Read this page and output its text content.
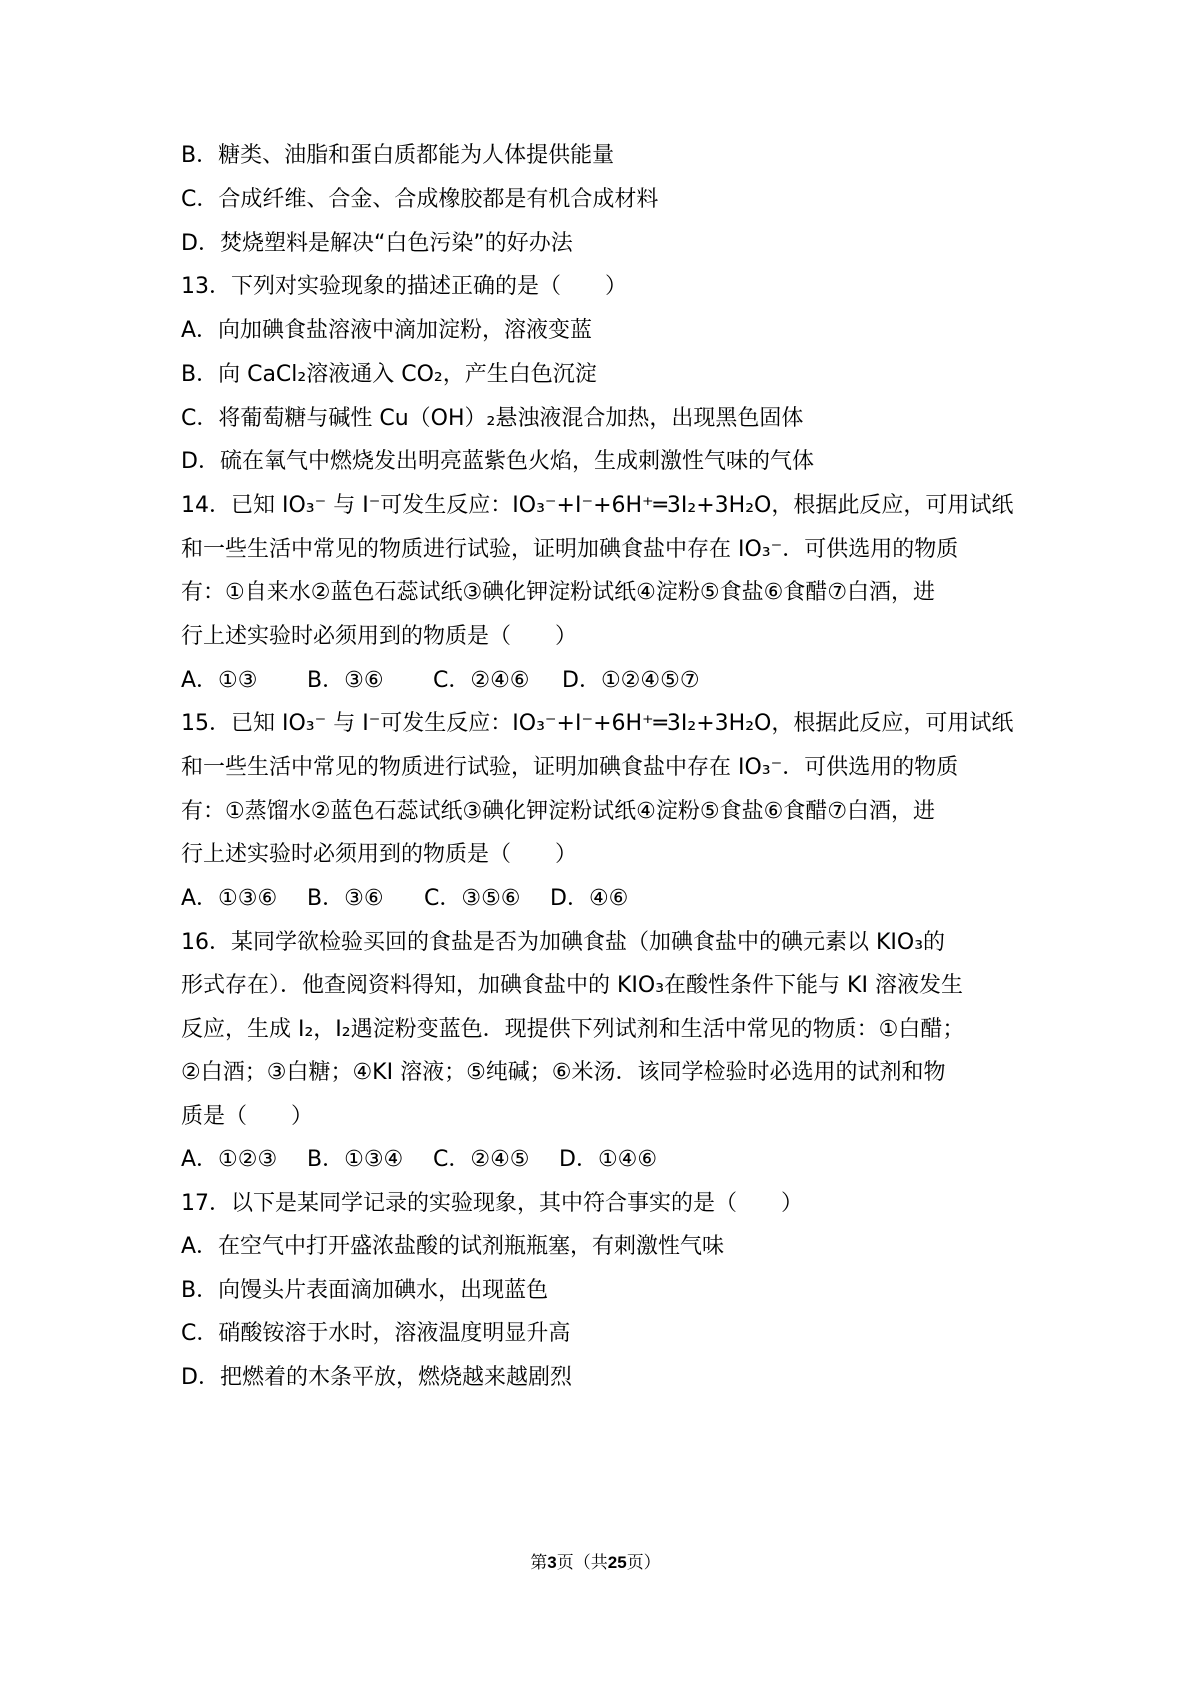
B．糖类、油脂和蛋白质都能为人体提供能量
C．合成纤维、合金、合成橡胶都是有机合成材料
D．焚烧塑料是解决“白色污染”的好办法
13．下列对实验现象的描述正确的是（　　）
A．向加碘食盐溶液中滴加淀粉，溶液变蓝
B．向 CaCl₂溶液通入 CO₂，产生白色沉淀
C．将葡萄糖与碱性 Cu（OH）₂悬浊液混合加热，出现黑色固体
D．硫在氧气中燃烧发出明亮蓝紫色火焰，生成刺激性气味的气体
14．已知 IO₃⁻ 与 I⁻可发生反应：IO₃⁻+I⁻+6H⁺═3I₂+3H₂O，根据此反应，可用试纸
和一些生活中常见的物质进行试验，证明加碘食盐中存在 IO₃⁻．可供选用的物质
有：①自来水②蓝色石蕊试纸③碘化钾淀粉试纸④淀粉⑤食盐⑥食醋⑦白酒，进
行上述实验时必须用到的物质是（　　）
A．①③	B．③⑥	C．②④⑥	D．①②④⑤⑦
15．已知 IO₃⁻ 与 I⁻可发生反应：IO₃⁻+I⁻+6H⁺═3I₂+3H₂O，根据此反应，可用试纸
和一些生活中常见的物质进行试验，证明加碘食盐中存在 IO₃⁻．可供选用的物质
有：①蒸馏水②蓝色石蕊试纸③碘化钾淀粉试纸④淀粉⑤食盐⑥食醋⑦白酒，进
行上述实验时必须用到的物质是（　　）
A．①③⑥	B．③⑥	C．③⑤⑥	D．④⑥
16．某同学欲检验买回的食盐是否为加碘食盐（加碘食盐中的碘元素以 KIO₃的
形式存在）．他查阅资料得知，加碘食盐中的 KIO₃在酸性条件下能与 KI 溶液发生
反应，生成 I₂，I₂遇淀粉变蓝色．现提供下列试剂和生活中常见的物质：①白醋；
②白酒；③白糖；④KI 溶液；⑤纯碱；⑥米汤．该同学检验时必选用的试剂和物
质是（　　）
A．①②③	B．①③④	C．②④⑤	D．①④⑥
17．以下是某同学记录的实验现象，其中符合事实的是（　　）
A．在空气中打开盛浓盐酸的试剂瓶瓶塞，有刺激性气味
B．向馒头片表面滴加碘水，出现蓝色
C．硝酸铵溶于水时，溶液温度明显升高
D．把燃着的木条平放，燃烧越来越剧烈
第3页（共25页）
